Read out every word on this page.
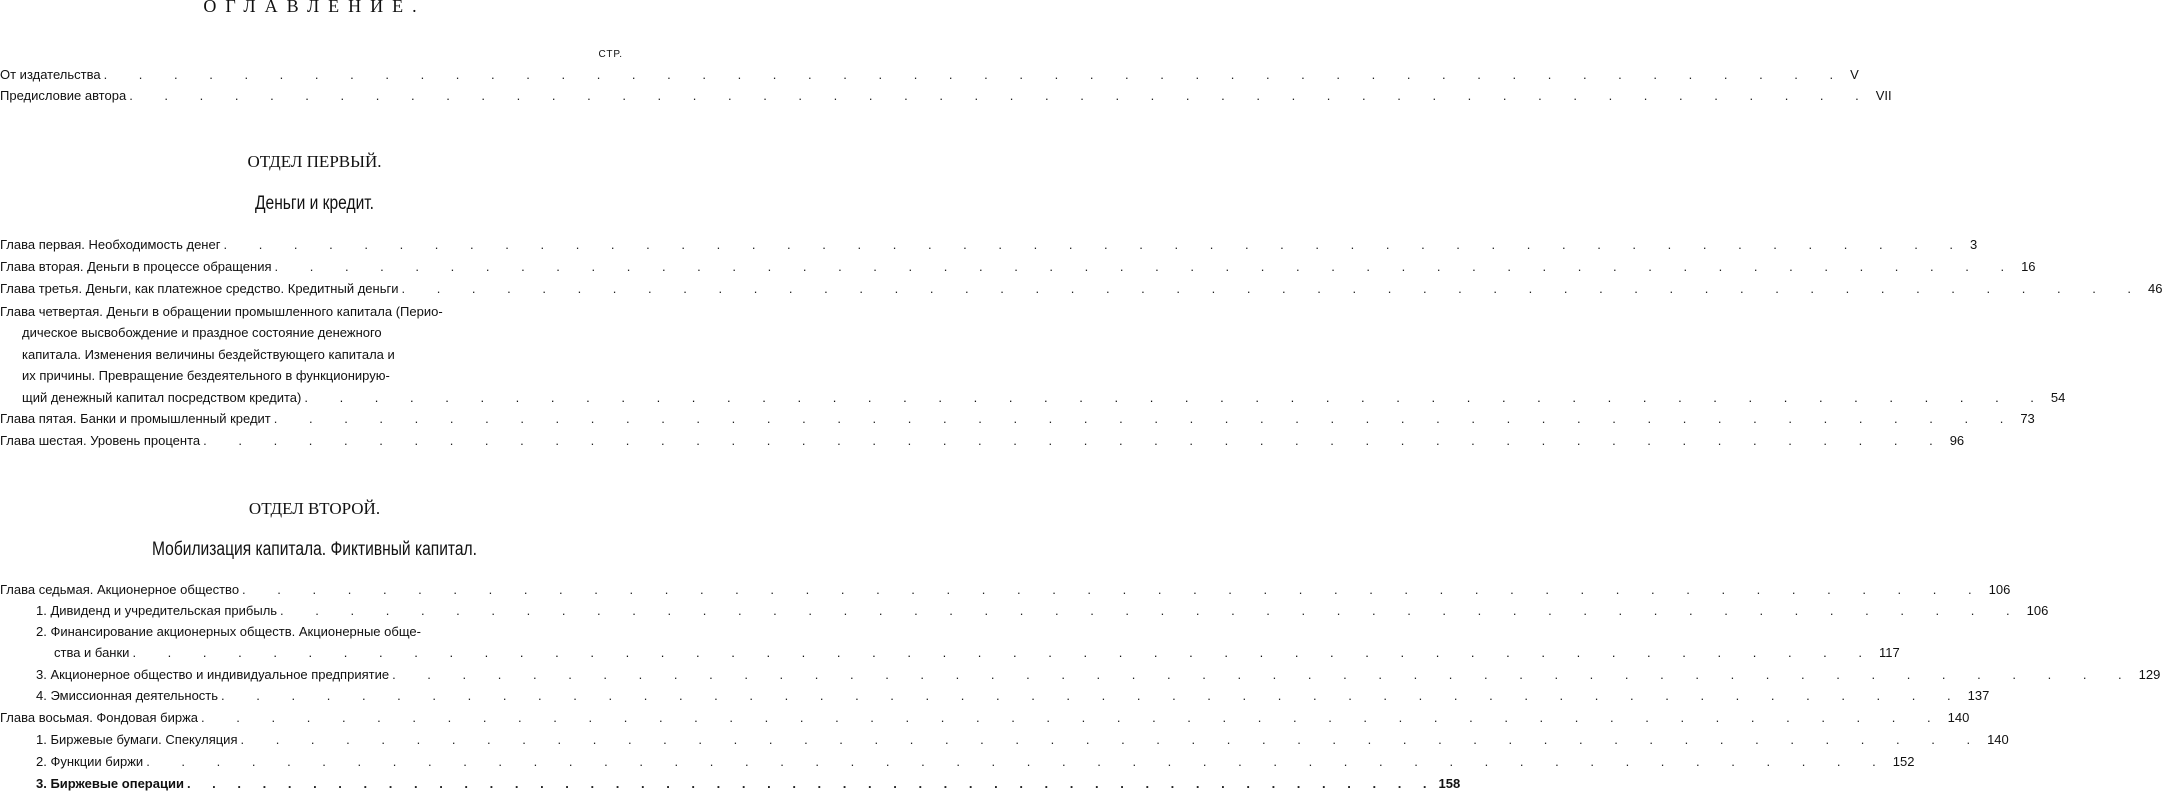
ОГЛАВЛЕНИЕ.
СТР.
От издательства . . . . . . . . . . . . . . . . . . . . . . . . . . . . . . . . . . . . . . . . . . . . . . . . . . V
Предисловие автора . . . . . . . . . . . . . . . . . . . . . . . . . . . . . . . . . . . . . . . . . . . . . . . . . . VII
ОТДЕЛ ПЕРВЫЙ.
Деньги и кредит.
Глава первая. Необходимость денег . . . . . . . . . . . . . . . . . . . . . . . . . . . . . . . . . . . . . . . . . . . . . . . . . . 3
Глава вторая. Деньги в процессе обращения . . . . . . . . . . . . . . . . . . . . . . . . . . . . . . . . . . . . . . . . . . . . . . . . . . 16
Глава третья. Деньги, как платежное средство. Кредитный деньги . . . . . . . . . . . . . . . . . . . . . . . . . . . . . . . . . . . . . . . . . . . . . . . . . . 46
Глава четвертая. Деньги в обращении промышленного капитала (Перио-
дическое высвобождение и праздное состояние денежного
капитала. Изменения величины бездействующего капитала и
их причины. Превращение бездеятельного в функционирую-
щий денежный капитал посредством кредита) . . . . . . . . . . . . . . . . . . . . . . . . . . . . . . . . . . . . . . . . . . . . . . . . . . 54
Глава пятая. Банки и промышленный кредит . . . . . . . . . . . . . . . . . . . . . . . . . . . . . . . . . . . . . . . . . . . . . . . . . . 73
Глава шестая. Уровень процента . . . . . . . . . . . . . . . . . . . . . . . . . . . . . . . . . . . . . . . . . . . . . . . . . . 96
ОТДЕЛ ВТОРОЙ.
Мобилизация капитала. Фиктивный капитал.
Глава седьмая. Акционерное общество . . . . . . . . . . . . . . . . . . . . . . . . . . . . . . . . . . . . . . . . . . . . . . . . . . 106
1. Дивиденд и учредительская прибыль . . . . . . . . . . . . . . . . . . . . . . . . . . . . . . . . . . . . . . . . . . . . . . . . . . 106
2. Финансирование акционерных обществ. Акционерные обще-
ства и банки . . . . . . . . . . . . . . . . . . . . . . . . . . . . . . . . . . . . . . . . . . . . . . . . . . 117
3. Акционерное общество и индивидуальное предприятие . . . . . . . . . . . . . . . . . . . . . . . . . . . . . . . . . . . . . . . . . . . . . . . . . . 129
4. Эмиссионная деятельность . . . . . . . . . . . . . . . . . . . . . . . . . . . . . . . . . . . . . . . . . . . . . . . . . . 137
Глава восьмая. Фондовая биржа . . . . . . . . . . . . . . . . . . . . . . . . . . . . . . . . . . . . . . . . . . . . . . . . . . 140
1. Биржевые бумаги. Спекуляция . . . . . . . . . . . . . . . . . . . . . . . . . . . . . . . . . . . . . . . . . . . . . . . . . . 140
2. Функции биржи . . . . . . . . . . . . . . . . . . . . . . . . . . . . . . . . . . . . . . . . . . . . . . . . . . 152
3. Биржевые операции . . . . . . . . . . . . . . . . . . . . . . . . . . . . . . . . . . . . . . . . . . . . . . . . . . 158
